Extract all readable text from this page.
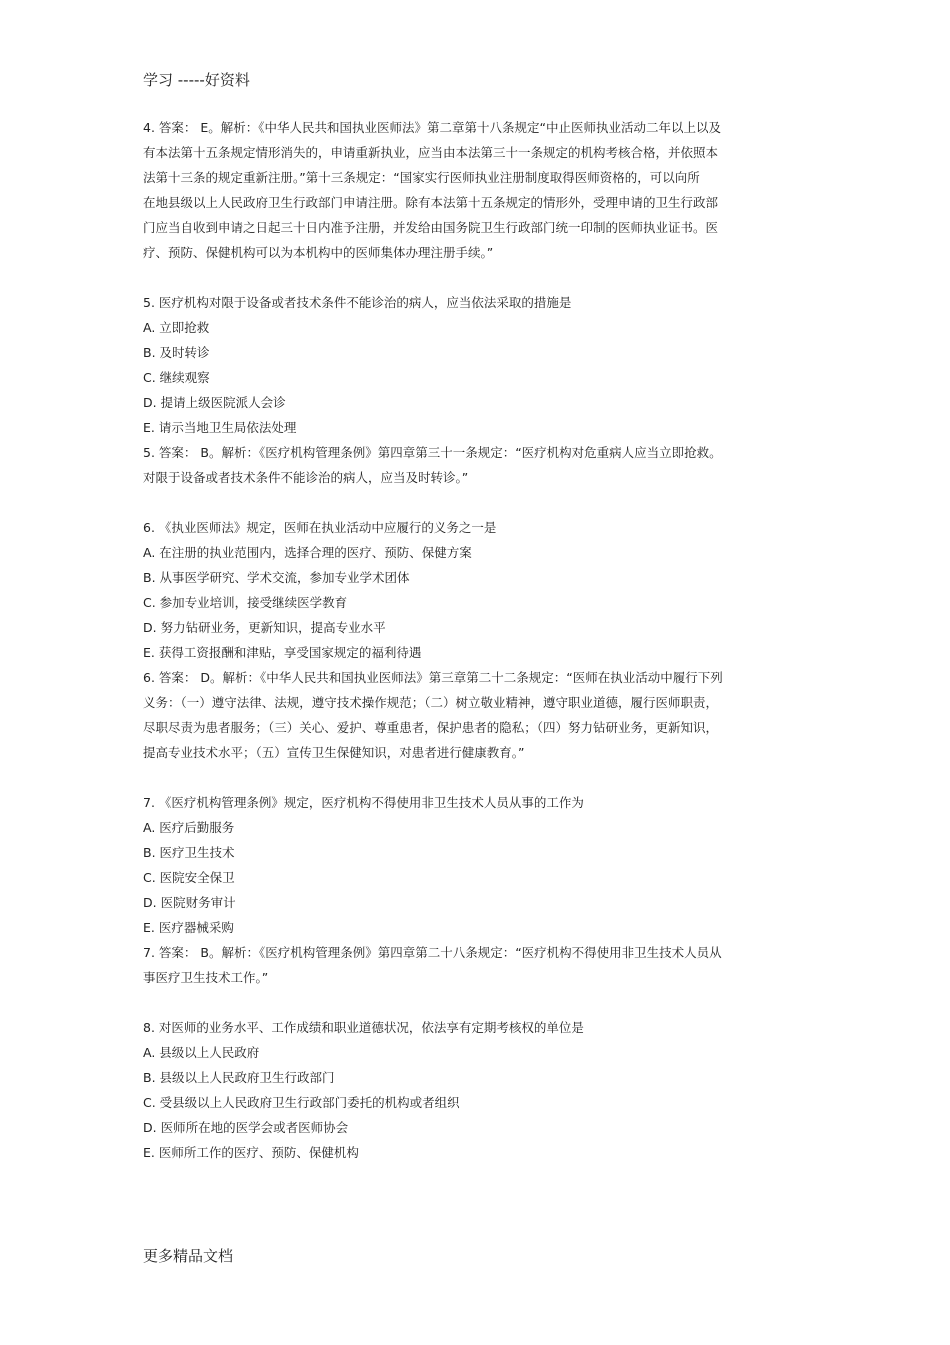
学习 -----好资料
4. 答案： E。解析：《中华人民共和国执业医师法》第二章第十八条规定“中止医师执业活动二年以上以及
有本法第十五条规定情形消失的，申请重新执业，应当由本法第三十一条规定的机构考核合格，并依照本
法第十三条的规定重新注册。”第十三条规定：“国家实行医师执业注册制度取得医师资格的，可以向所
在地县级以上人民政府卫生行政部门申请注册。除有本法第十五条规定的情形外，受理申请的卫生行政部
门应当自收到申请之日起三十日内准予注册，并发给由国务院卫生行政部门统一印制的医师执业证书。医
疗、预防、保健机构可以为本机构中的医师集体办理注册手续。”
5. 医疗机构对限于设备或者技术条件不能诊治的病人，应当依法采取的措施是
A. 立即抢救
B. 及时转诊
C. 继续观察
D. 提请上级医院派人会诊
E. 请示当地卫生局依法处理
5. 答案： B。解析：《医疗机构管理条例》第四章第三十一条规定：“医疗机构对危重病人应当立即抢救。
对限于设备或者技术条件不能诊治的病人，应当及时转诊。”
6. 《执业医师法》规定，医师在执业活动中应履行的义务之一是
A. 在注册的执业范围内，选择合理的医疗、预防、保健方案
B. 从事医学研究、学术交流，参加专业学术团体
C. 参加专业培训，接受继续医学教育
D. 努力钻研业务，更新知识，提高专业水平
E. 获得工资报酬和津贴，享受国家规定的福利待遇
6. 答案： D。解析：《中华人民共和国执业医师法》第三章第二十二条规定：“医师在执业活动中履行下列
义务：（一）遵守法律、法规，遵守技术操作规范；（二）树立敬业精神，遵守职业道德，履行医师职责，
尽职尽责为患者服务；（三）关心、爱护、尊重患者，保护患者的隐私；（四）努力钻研业务，更新知识，
提高专业技术水平；（五）宣传卫生保健知识，对患者进行健康教育。”
7. 《医疗机构管理条例》规定，医疗机构不得使用非卫生技术人员从事的工作为
A. 医疗后勤服务
B. 医疗卫生技术
C. 医院安全保卫
D. 医院财务审计
E. 医疗器械采购
7. 答案： B。解析：《医疗机构管理条例》第四章第二十八条规定：“医疗机构不得使用非卫生技术人员从
事医疗卫生技术工作。”
8. 对医师的业务水平、工作成绩和职业道德状况，依法享有定期考核权的单位是
A. 县级以上人民政府
B. 县级以上人民政府卫生行政部门
C. 受县级以上人民政府卫生行政部门委托的机构或者组织
D. 医师所在地的医学会或者医师协会
E. 医师所工作的医疗、预防、保健机构
更多精品文档
